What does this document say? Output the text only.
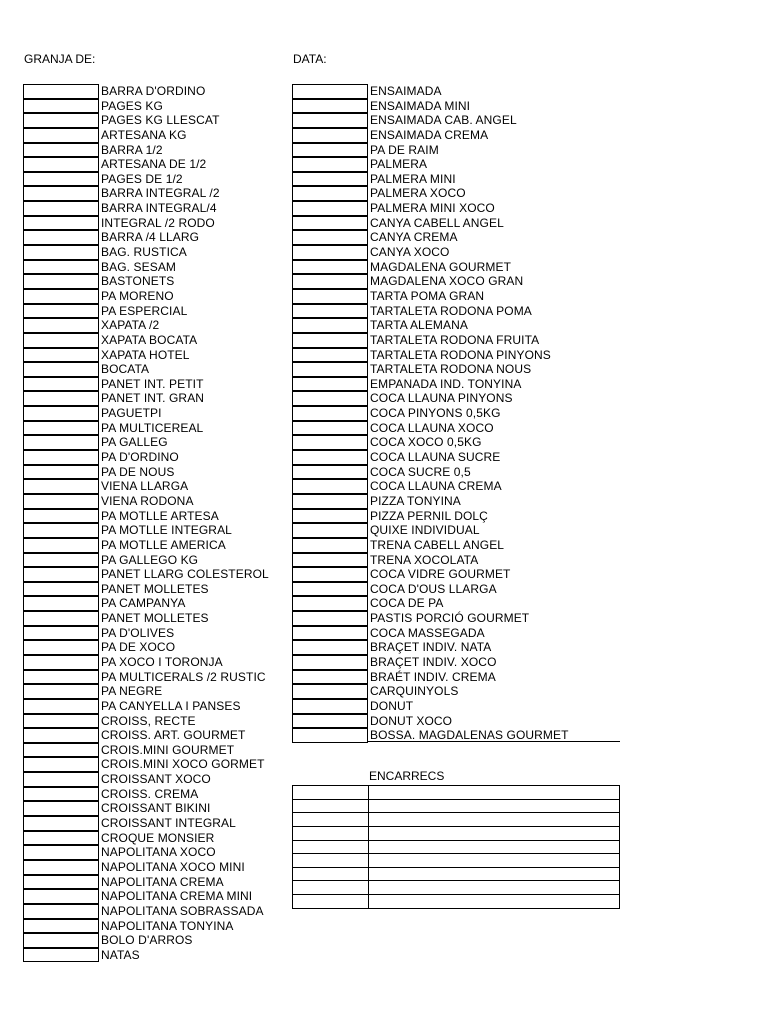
GRANJA DE:	DATA:
BARRA D'ORDINO
PAGES KG
PAGES KG LLESCAT
ARTESANA KG
BARRA 1/2
ARTESANA DE 1/2
PAGES DE 1/2
BARRA INTEGRAL /2
BARRA INTEGRAL/4
INTEGRAL /2 RODO
BARRA /4 LLARG
BAG. RUSTICA
BAG. SESAM
BASTONETS
PA MORENO
PA ESPERCIAL
XAPATA /2
XAPATA BOCATA
XAPATA HOTEL
BOCATA
PANET INT. PETIT
PANET INT. GRAN
PAGUETPI
PA MULTICEREAL
PA GALLEG
PA D'ORDINO
PA DE NOUS
VIENA LLARGA
VIENA RODONA
PA MOTLLE ARTESA
PA MOTLLE INTEGRAL
PA MOTLLE AMERICA
PA GALLEGO KG
PANET LLARG COLESTEROL
PANET MOLLETES
PA CAMPANYA
PANET MOLLETES
PA D'OLIVES
PA DE XOCO
PA XOCO I TORONJA
PA MULTICERALS /2 RUSTIC
PA NEGRE
PA CANYELLA I PANSES
CROISS, RECTE
CROISS. ART. GOURMET
CROIS.MINI GOURMET
CROIS.MINI XOCO GORMET
CROISSANT XOCO
CROISS. CREMA
CROISSANT BIKINI
CROISSANT INTEGRAL
CROQUE MONSIER
NAPOLITANA XOCO
NAPOLITANA XOCO MINI
NAPOLITANA CREMA
NAPOLITANA CREMA MINI
NAPOLITANA SOBRASSADA
NAPOLITANA TONYINA
BOLO D'ARROS
NATAS
ENSAIMADA
ENSAIMADA MINI
ENSAIMADA CAB. ANGEL
ENSAIMADA CREMA
PA DE RAIM
PALMERA
PALMERA MINI
PALMERA XOCO
PALMERA MINI XOCO
CANYA CABELL ANGEL
CANYA CREMA
CANYA XOCO
MAGDALENA GOURMET
MAGDALENA XOCO GRAN
TARTA POMA GRAN
TARTALETA RODONA POMA
TARTA ALEMANA
TARTALETA RODONA FRUITA
TARTALETA RODONA PINYONS
TARTALETA RODONA NOUS
EMPANADA IND. TONYINA
COCA LLAUNA PINYONS
COCA PINYONS 0,5KG
COCA LLAUNA XOCO
COCA XOCO 0,5KG
COCA LLAUNA SUCRE
COCA SUCRE 0,5
COCA LLAUNA CREMA
PIZZA TONYINA
PIZZA PERNIL DOLÇ
QUIXE INDIVIDUAL
TRENA CABELL ANGEL
TRENA XOCOLATA
COCA VIDRE GOURMET
COCA D'OUS LLARGA
COCA DE PA
PASTIS PORCIÓ GOURMET
COCA MASSEGADA
BRAÇET INDIV. NATA
BRAÇET INDIV. XOCO
BRAÉT INDIV. CREMA
CARQUINYOLS
DONUT
DONUT XOCO
BOSSA. MAGDALENAS GOURMET
ENCARRECS
